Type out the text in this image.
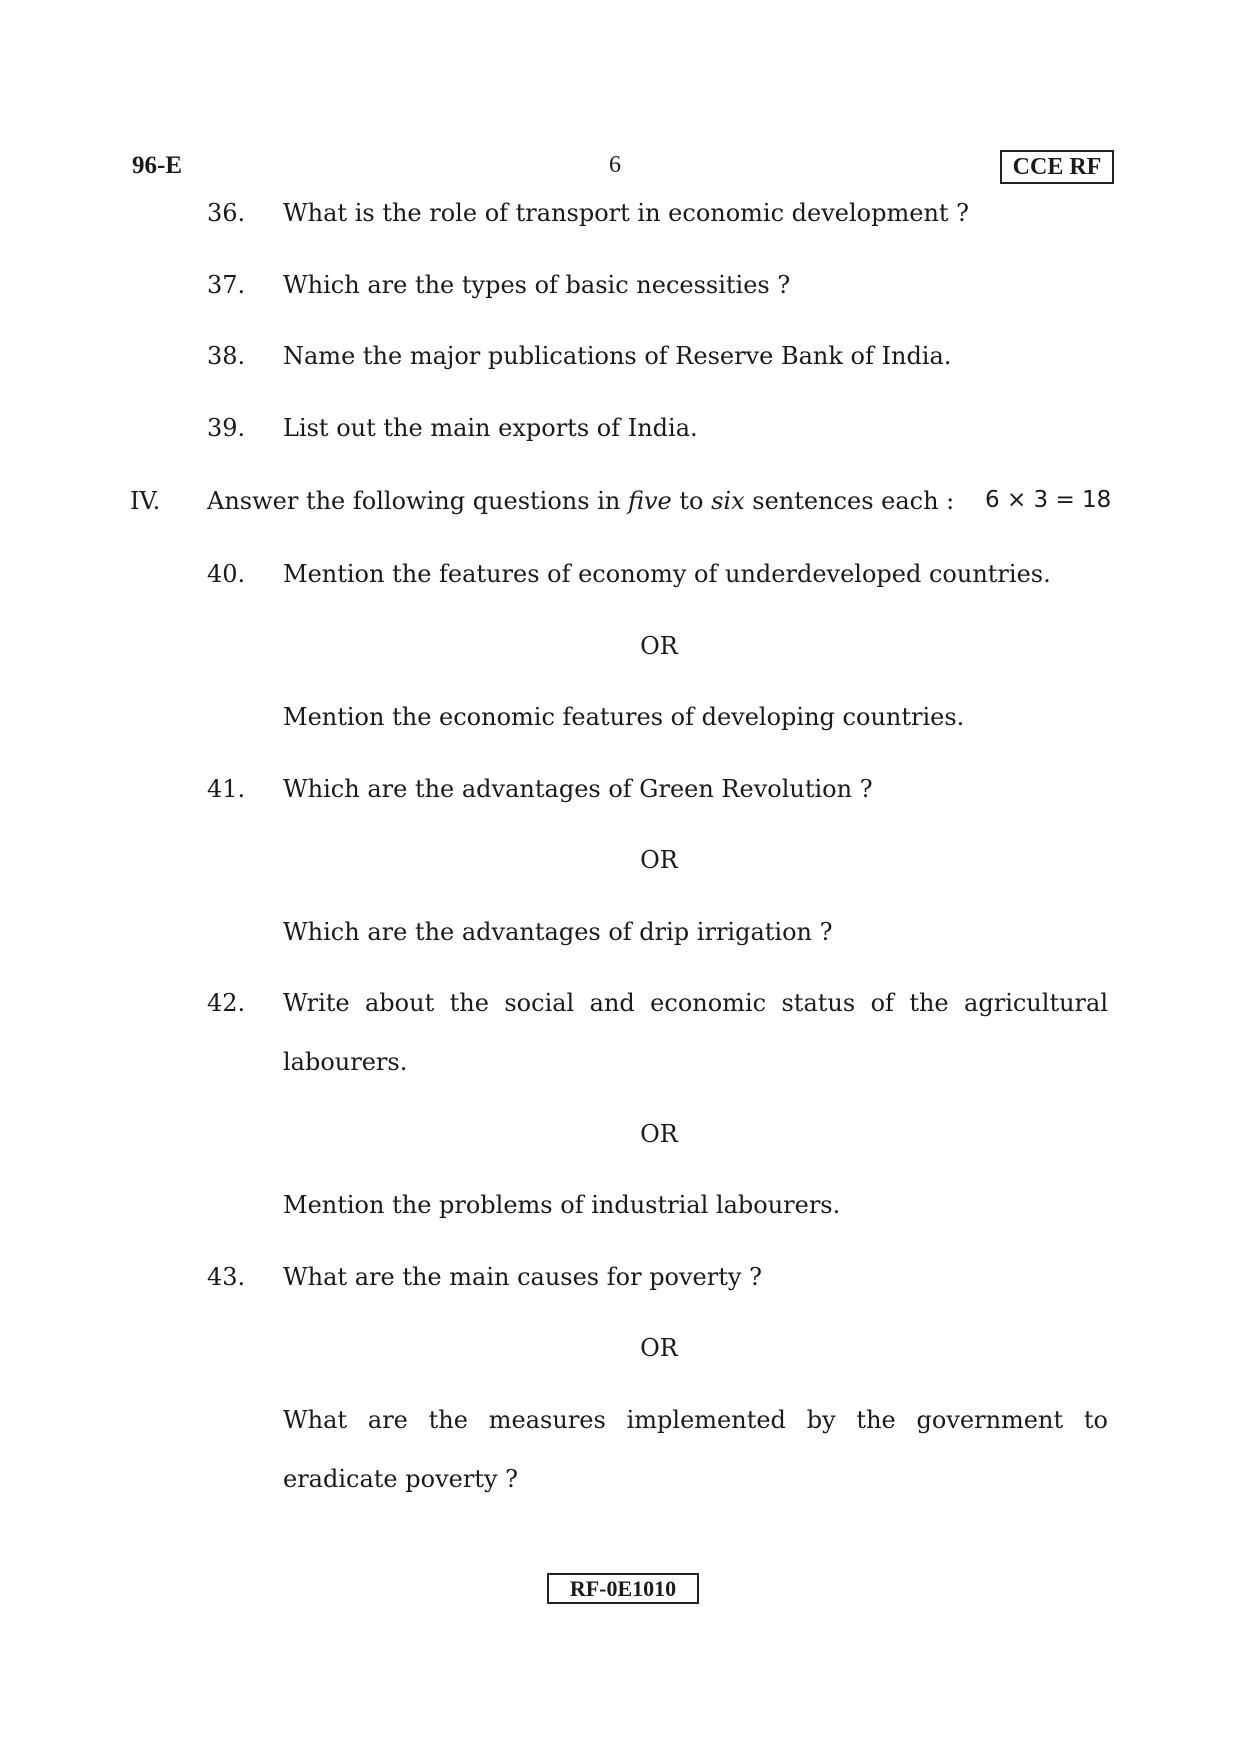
96-E	6	CCE RF
36. What is the role of transport in economic development ?
37. Which are the types of basic necessities ?
38. Name the major publications of Reserve Bank of India.
39. List out the main exports of India.
IV. Answer the following questions in five to six sentences each : 6 × 3 = 18
40. Mention the features of economy of underdeveloped countries.
OR
Mention the economic features of developing countries.
41. Which are the advantages of Green Revolution ?
OR
Which are the advantages of drip irrigation ?
42. Write about the social and economic status of the agricultural
labourers.
OR
Mention the problems of industrial labourers.
43. What are the main causes for poverty ?
OR
What are the measures implemented by the government to
eradicate poverty ?
RF-0E1010
